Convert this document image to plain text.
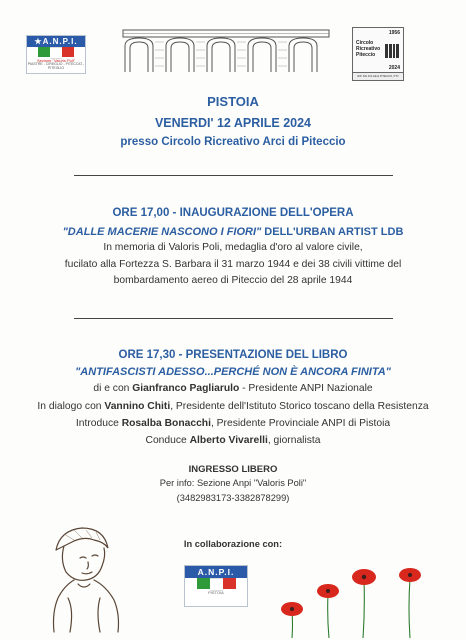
★A.N.P.I.
Sezione "Valoris Poli"
PIASTRE - CIREGLIO - PITECCIO - PITEGLIO
1956
Circolo
Ricreativo
Piteccio
2024
RIP. DAI FOLLIE E PITECCIO, PTV
PISTOIA
VENERDI' 12 APRILE 2024
presso Circolo Ricreativo Arci di Piteccio
ORE 17,00 - INAUGURAZIONE DELL'OPERA
"DALLE MACERIE NASCONO I FIORI" DELL'URBAN ARTIST LDB
In memoria di Valoris Poli, medaglia d'oro al valore civile,
fucilato alla Fortezza S. Barbara il 31 marzo 1944 e dei 38 civili vittime del
bombardamento aereo di Piteccio del 28 aprile 1944
ORE 17,30 - PRESENTAZIONE DEL LIBRO
"ANTIFASCISTI ADESSO...PERCHÉ NON È ANCORA FINITA"
di e con Gianfranco Pagliarulo - Presidente ANPI Nazionale
In dialogo con Vannino Chiti, Presidente dell'Istituto Storico toscano della Resistenza
Introduce Rosalba Bonacchi, Presidente Provinciale ANPI di Pistoia
Conduce Alberto Vivarelli, giornalista
INGRESSO LIBERO
Per info: Sezione Anpi "Valoris Poli"
(3482983173-3382878299)
In collaborazione con:
A.N.P.I.
PISTOIA
